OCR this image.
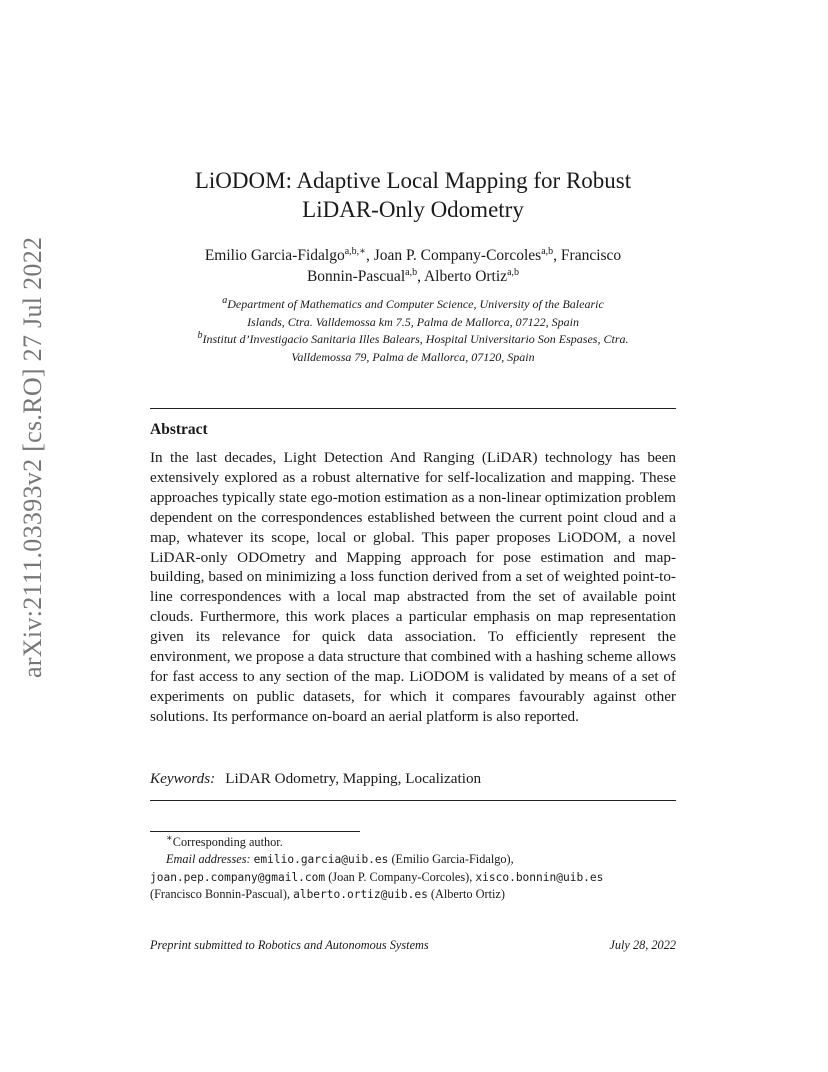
arXiv:2111.03393v2 [cs.RO] 27 Jul 2022
LiODOM: Adaptive Local Mapping for Robust
LiDAR-Only Odometry
Emilio Garcia-Fidalgo$^{a,b,∗}$, Joan P. Company-Corcoles$^{a,b}$, Francisco
Bonnin-Pascual$^{a,b}$, Alberto Ortiz$^{a,b}$
$^a$Department of Mathematics and Computer Science, University of the Balearic
Islands, Ctra. Valldemossa km 7.5, Palma de Mallorca, 07122, Spain
$^b$Institut d’Investigacio Sanitaria Illes Balears, Hospital Universitario Son Espases, Ctra.
Valldemossa 79, Palma de Mallorca, 07120, Spain
Abstract
In the last decades, Light Detection And Ranging (LiDAR) technology has been extensively explored as a robust alternative for self-localization and mapping. These approaches typically state ego-motion estimation as a non-linear optimization problem dependent on the correspondences established between the current point cloud and a map, whatever its scope, local or global. This paper proposes LiODOM, a novel LiDAR-only ODOmetry and Mapping approach for pose estimation and map-building, based on minimizing a loss function derived from a set of weighted point-to-line correspondences with a local map abstracted from the set of available point clouds. Furthermore, this work places a particular emphasis on map representation given its relevance for quick data association. To efficiently represent the environment, we propose a data structure that combined with a hashing scheme allows for fast access to any section of the map. LiODOM is validated by means of a set of experiments on public datasets, for which it compares favourably against other solutions. Its performance on-board an aerial platform is also reported.
Keywords: LiDAR Odometry, Mapping, Localization
∗Corresponding author.
Email addresses: emilio.garcia@uib.es (Emilio Garcia-Fidalgo),
joan.pep.company@gmail.com (Joan P. Company-Corcoles), xisco.bonnin@uib.es
(Francisco Bonnin-Pascual), alberto.ortiz@uib.es (Alberto Ortiz)
Preprint submitted to Robotics and Autonomous Systems	July 28, 2022
